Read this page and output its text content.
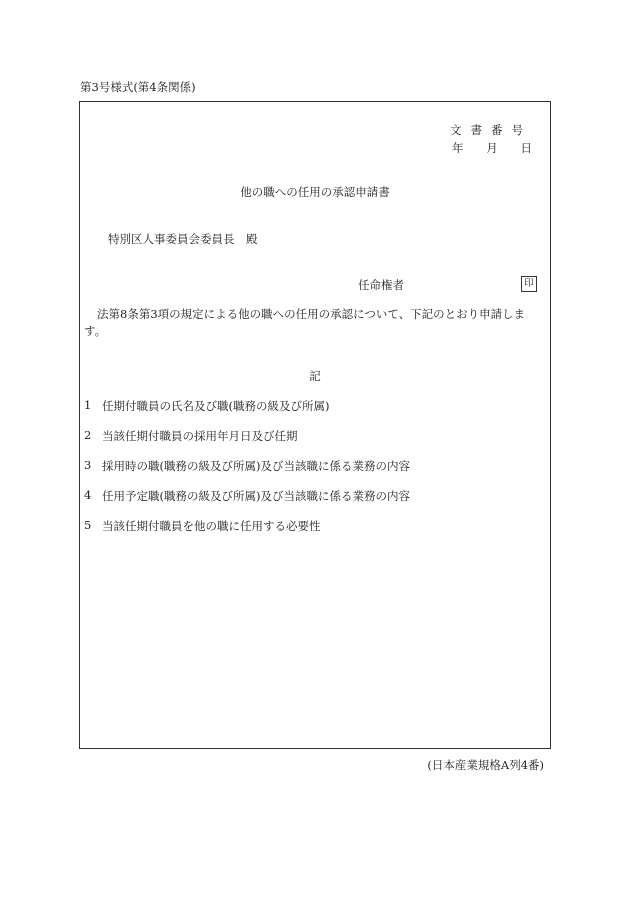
第3号様式(第4条関係)
文書番号
年 月 日
他の職への任用の承認申請書
特別区人事委員会委員長　殿
任命権者	印
法第8条第3項の規定による他の職への任用の承認について、下記のとおり申請します。
記
1 任期付職員の氏名及び職(職務の級及び所属)
2 当該任期付職員の採用年月日及び任期
3 採用時の職(職務の級及び所属)及び当該職に係る業務の内容
4 任用予定職(職務の級及び所属)及び当該職に係る業務の内容
5 当該任期付職員を他の職に任用する必要性
(日本産業規格A列4番)
